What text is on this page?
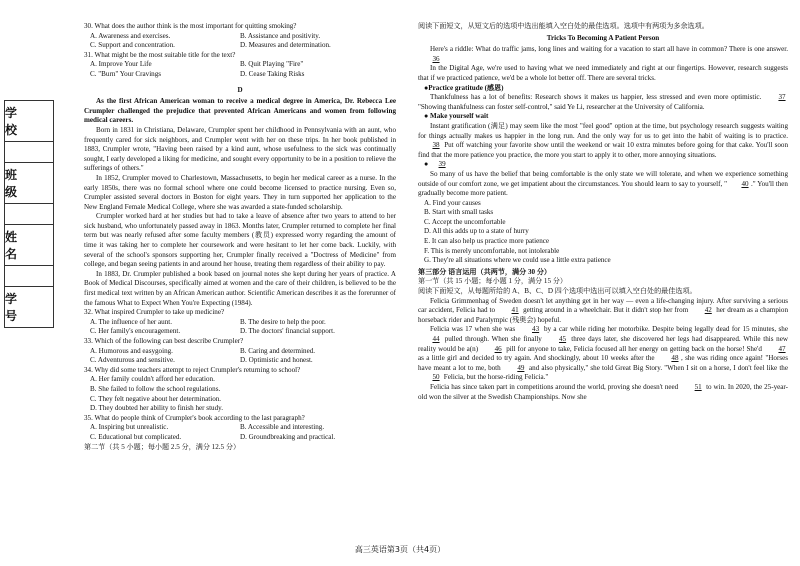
学 校
班 级
姓 名
学 号
30. What does the author think is the most important for quitting smoking?
A. Awareness and exercises.	B. Assistance and positivity.
C. Support and concentration.	D. Measures and determination.
31. What might be the most suitable title for the text?
A. Improve Your Life	B. Quit Playing "Fire"
C. "Burn" Your Cravings	D. Cease Taking Risks
D

As the first African American woman to receive a medical degree in America, Dr. Rebecca Lee Crumpler challenged the prejudice that prevented African Americans and women from following medical careers.

Born in 1831 in Christiana, Delaware, Crumpler spent her childhood in Pennsylvania with an aunt, who frequently cared for sick neighbors, and Crumpler went with her on these trips. In her book published in 1883, Crumpler wrote, "Having been raised by a kind aunt, whose usefulness to the sick was continually sought, I early developed a liking for medicine, and sought every opportunity to be in a position to relieve the sufferings of others."

In 1852, Crumpler moved to Charlestown, Massachusetts, to begin her medical career as a nurse. In the early 1850s, there was no formal school where one could become licensed to practice nursing. Even so, Crumpler assisted several doctors in Boston for eight years. They in turn supported her application to the New England Female Medical College, where she was awarded a state-funded scholarship.

Crumpler worked hard at her studies but had to take a leave of absence after two years to attend to her sick husband, who unfortunately passed away in 1863. Months later, Crumpler returned to complete her final term but was nearly refused after some faculty members (教员) expressed worry regarding the amount of time it was taking her to complete her coursework and were hesitant to let her come back. Luckily, with several of the school's sponsors supporting her, Crumpler finally received a "Doctress of Medicine" from college, and began seeing patients in and around her house, treating them regardless of their ability to pay.

In 1883, Dr. Crumpler published a book based on journal notes she kept during her years of practice. A Book of Medical Discourses, specifically aimed at women and the care of their children, is believed to be the first medical text written by an African American author. Scientific American describes it as the forerunner of the famous What to Expect When You're Expecting (1984).

32. What inspired Crumpler to take up medicine?
A. The influence of her aunt.	B. The desire to help the poor.
C. Her family's encouragement.	D. The doctors' financial support.
33. Which of the following can best describe Crumpler?
A. Humorous and easygoing.	B. Caring and determined.
C. Adventurous and sensitive.	D. Optimistic and honest.
34. Why did some teachers attempt to reject Crumpler's returning to school?
A. Her family couldn't afford her education.
B. She failed to follow the school regulations.
C. They felt negative about her determination.
D. They doubted her ability to finish her study.
35. What do people think of Crumpler's book according to the last paragraph?
A. Inspiring but unrealistic.	B. Accessible and interesting.
C. Educational but complicated.	D. Groundbreaking and practical.
第二节（共 5 小题；每小题 2.5 分，满分 12.5 分）
阅读下面短文，从短文后的选项中选出能填入空白处的最佳选项。选项中有两项为多余选项。
Tricks To Becoming A Patient Person

Here's a riddle: What do traffic jams, long lines and waiting for a vacation to start all have in common? There is one answer. 36

In the Digital Age, we're used to having what we need immediately and right at our fingertips. However, research suggests that if we practiced patience, we'd be a whole lot better off. There are several tricks.

●Practice gratitude (感恩)

Thankfulness has a lot of benefits: Research shows it makes us happier, less stressed and even more optimistic. 37 "Showing thankfulness can foster self-control," said Ye Li, researcher at the University of California.

● Make yourself wait

Instant gratification (满足) may seem like the most "feel good" option at the time, but psychology research suggests waiting for things actually makes us happier in the long run. And the only way for us to get into the habit of waiting is to practice. 38 Put off watching your favorite show until the weekend or wait 10 extra minutes before going for that cake. You'll soon find that the more patience you practice, the more you start to apply it to other, more annoying situations.

● 39

So many of us have the belief that being comfortable is the only state we will tolerate, and when we experience something outside of our comfort zone, we get impatient about the circumstances. You should learn to say to yourself, " 40 ." You'll then gradually become more patient.

A. Find your causes
B. Start with small tasks
C. Accept the uncomfortable
D. All this adds up to a state of hurry
E. It can also help us practice more patience
F. This is merely uncomfortable, not intolerable
G. They're all situations where we could use a little extra patience
第三部分 语言运用（共两节，满分 30 分）
第一节（共 15 小题；每小题 1 分，满分 15 分）
阅读下面短文，从每题所给的 A、B、C、D 四个选项中选出可以填入空白处的最佳选项。

Felicia Grimmenhag of Sweden doesn't let anything get in her way — even a life-changing injury. After surviving a serious car accident, Felicia had to 41 getting around in a wheelchair. But it didn't stop her from 42 her dream as a champion horseback rider and Paralympic (残奥会) hopeful.

Felicia was 17 when she was 43 by a car while riding her motorbike. Despite being legally dead for 15 minutes, she 44 pulled through. When she finally 45 three days later, she discovered her legs had disappeared. While this new reality would be a(n) 46 pill for anyone to take, Felicia focused all her energy on getting back on the horse! She'd 47 as a little girl and decided to try again. And shockingly, about 10 weeks after the 48 , she was riding once again! "Horses have meant a lot to me, both 49 and also physically," she told Great Big Story. "When I sit on a horse, I don't feel like the 50 Felicia, but the horse-riding Felicia."

Felicia has since taken part in competitions around the world, proving she doesn't need 51 to win. In 2020, the 25-year-old won the silver at the Swedish Championships. Now she

高三英语第3页（共4页）
